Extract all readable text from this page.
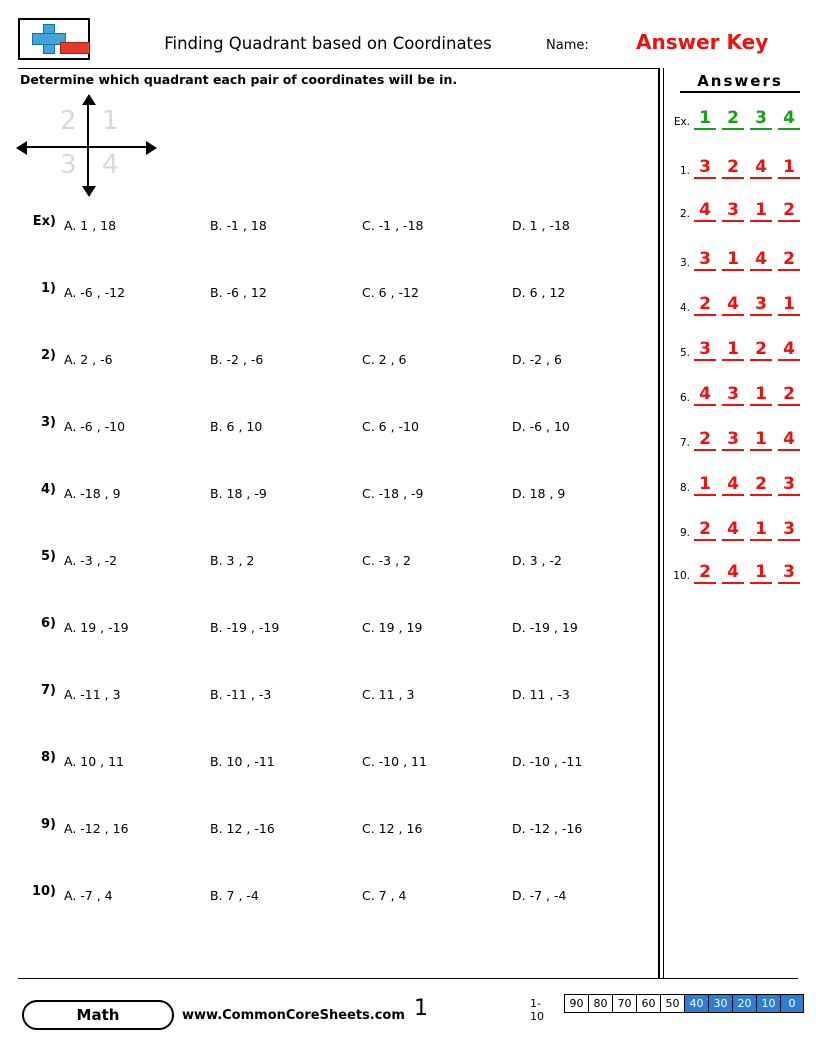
Finding Quadrant based on Coordinates	Name: Answer Key
Determine which quadrant each pair of coordinates will be in.
2 1
3 4
Ex) A. 1 , 18	B. -1 , 18	C. -1 , -18	D. 1 , -18
1) A. -6 , -12	B. -6 , 12	C. 6 , -12	D. 6 , 12
2) A. 2 , -6	B. -2 , -6	C. 2 , 6	D. -2 , 6
3) A. -6 , -10	B. 6 , 10	C. 6 , -10	D. -6 , 10
4) A. -18 , 9	B. 18 , -9	C. -18 , -9	D. 18 , 9
5) A. -3 , -2	B. 3 , 2	C. -3 , 2	D. 3 , -2
6) A. 19 , -19	B. -19 , -19	C. 19 , 19	D. -19 , 19
7) A. -11 , 3	B. -11 , -3	C. 11 , 3	D. 11 , -3
8) A. 10 , 11	B. 10 , -11	C. -10 , 11	D. -10 , -11
9) A. -12 , 16	B. 12 , -16	C. 12 , 16	D. -12 , -16
10) A. -7 , 4	B. 7 , -4	C. 7 , 4	D. -7 , -4
Answers
Ex. 1 2 3 4
1. 3 2 4 1
2. 4 3 1 2
3. 3 1 4 2
4. 2 4 3 1
5. 3 1 2 4
6. 4 3 1 2
7. 2 3 1 4
8. 1 4 2 3
9. 2 4 1 3
10. 2 4 1 3
Math	www.CommonCoreSheets.com 1	1-10
90 80 70 60 50 40 30 20 10	0
